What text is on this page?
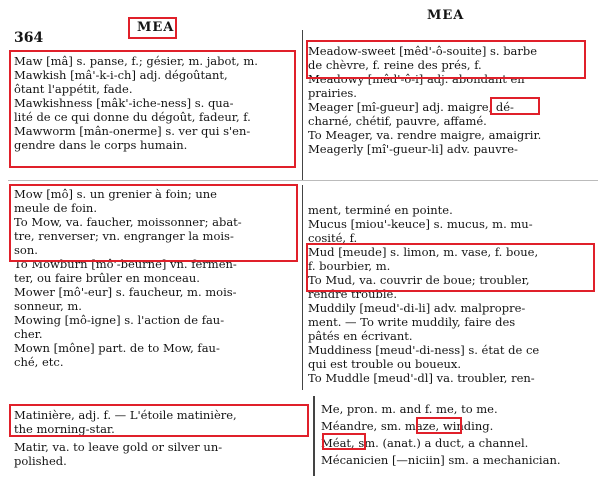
MEA
MEA
364
Maw [mâ] s. panse, f.; gésier, m. jabot, m.
Mawkish [mâ'-k-i-ch] adj. dégoûtant,
ôtant l'appétit, fade.
Mawkishness [mâk'-iche-ness] s. qua-
lité de ce qui donne du dégoût, fadeur, f.
Mawworm [mân-onerme] s. ver qui s'en-
gendre dans le corps humain.
Meadow-sweet [mêd'-ô-souite] s. barbe
de chèvre, f. reine des prés, f.
Meadowy [mêd'-ô-i] adj. abondant en
prairies.
Meager [mî-gueur] adj. maigre, dé-
charné, chétif, pauvre, affamé.
To Meager, va. rendre maigre, amaigrir.
Meagerly [mî'-gueur-li] adv. pauvre-
Mow [mô] s. un grenier à foin; une
meule de foin.
To Mow, va. faucher, moissonner; abat-
tre, renverser; vn. engranger la mois-
son.
To Mowburn [mô'-beurne] vn. fermen-
ter, ou faire brûler en monceau.
Mower [mô'-eur] s. faucheur, m. mois-
sonneur, m.
Mowing [mô-igne] s. l'action de fau-
cher.
Mown [mône] part. de to Mow, fau-
ché, etc.
ment, terminé en pointe.
Mucus [miou'-keuce] s. mucus, m. mu-
cosité, f.
Mud [meude] s. limon, m. vase, f. boue,
f. bourbier, m.
To Mud, va. couvrir de boue; troubler,
rendre trouble.
Muddily [meud'-di-li] adv. malpropre-
ment. — To write muddily, faire des
pâtés en écrivant.
Muddiness [meud'-di-ness] s. état de ce
qui est trouble ou boueux.
To Muddle [meud'-dl] va. troubler, ren-
Matinière, adj. f. — L'étoile matinière,
the morning-star.
Matir, va. to leave gold or silver un-
polished.
Me, pron. m. and f. me, to me.
Méandre, sm. maze, winding.
Méat, sm. (anat.) a duct, a channel.
Mécanicien [—niciin] sm. a mechanician.
